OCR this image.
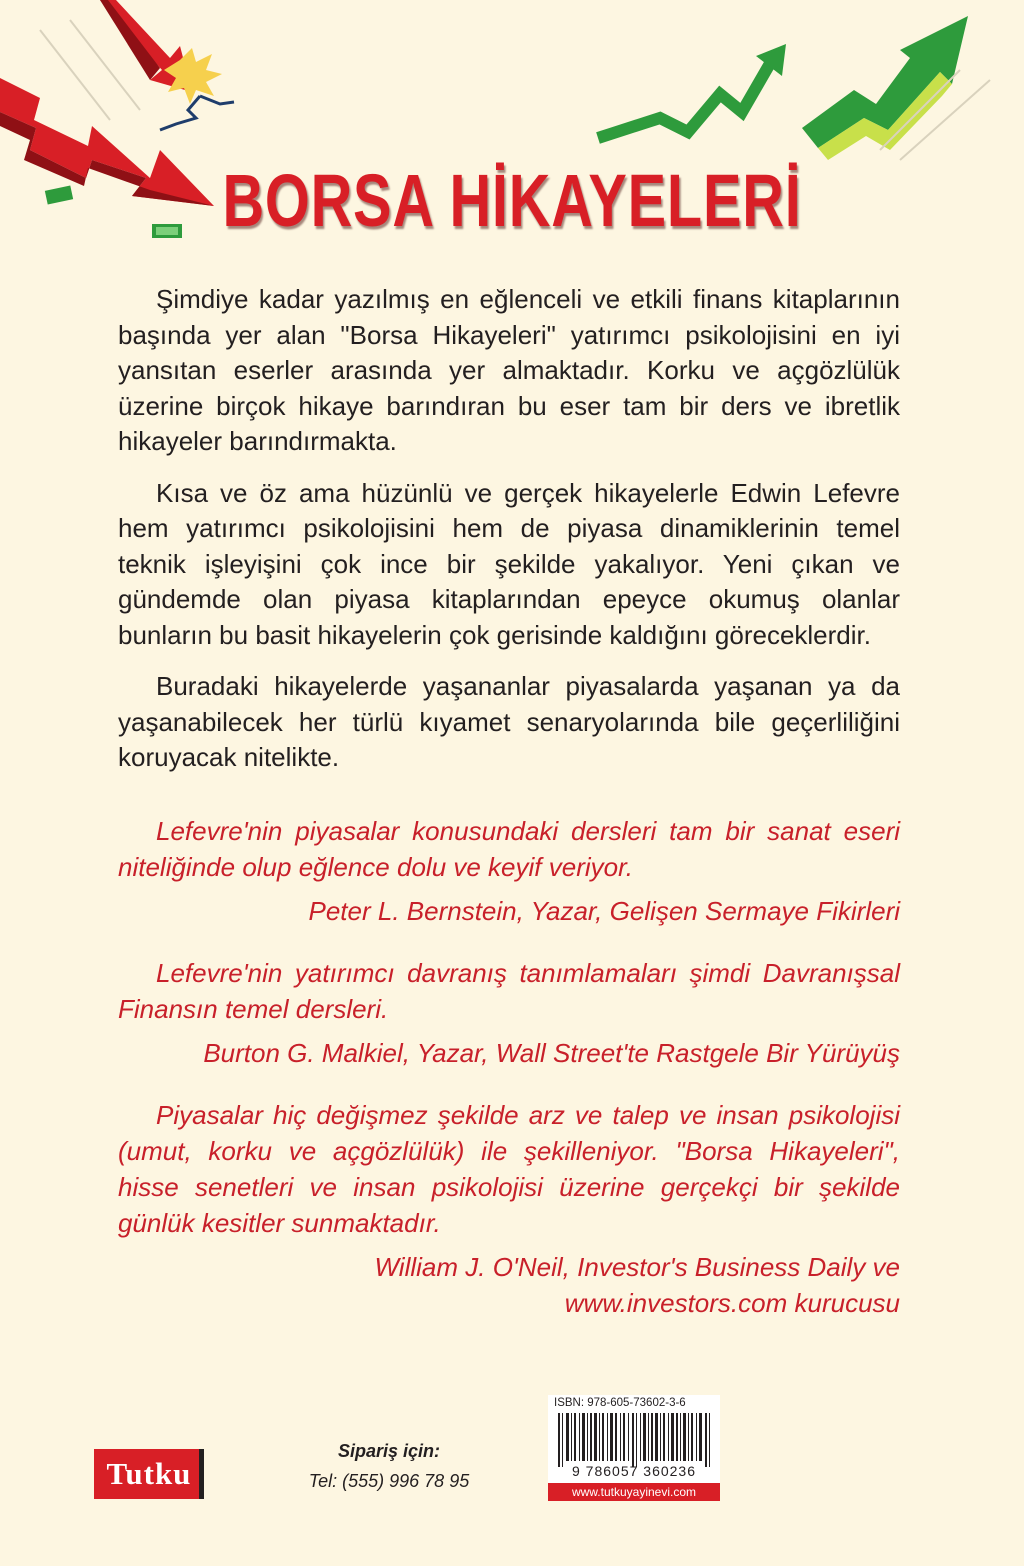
BORSA HİKAYELERİ

Şimdiye kadar yazılmış en eğlenceli ve etkili finans kitaplarının başında yer alan "Borsa Hikayeleri" yatırımcı psikolojisini en iyi yansıtan eserler arasında yer almaktadır. Korku ve açgözlülük üzerine birçok hikaye barındıran bu eser tam bir ders ve ibretlik hikayeler barındırmakta.

Kısa ve öz ama hüzünlü ve gerçek hikayelerle Edwin Lefevre hem yatırımcı psikolojisini hem de piyasa dinamiklerinin temel teknik işleyişini çok ince bir şekilde yakalıyor. Yeni çıkan ve gündemde olan piyasa kitaplarından epeyce okumuş olanlar bunların bu basit hikayelerin çok gerisinde kaldığını göreceklerdir.

Buradaki hikayelerde yaşananlar piyasalarda yaşanan ya da yaşanabilecek her türlü kıyamet senaryolarında bile geçerliliğini koruyacak nitelikte.

Lefevre'nin piyasalar konusundaki dersleri tam bir sanat eseri niteliğinde olup eğlence dolu ve keyif veriyor.

Peter L. Bernstein, Yazar, Gelişen Sermaye Fikirleri

Lefevre'nin yatırımcı davranış tanımlamaları şimdi Davranışsal Finansın temel dersleri.

Burton G. Malkiel, Yazar, Wall Street'te Rastgele Bir Yürüyüş

Piyasalar hiç değişmez şekilde arz ve talep ve insan psikolojisi (umut, korku ve açgözlülük) ile şekilleniyor. "Borsa Hikayeleri", hisse senetleri ve insan psikolojisi üzerine gerçekçi bir şekilde günlük kesitler sunmaktadır.

William J. O'Neil, Investor's Business Daily ve www.investors.com kurucusu

Tutku
Sipariş için:
Tel: (555) 996 78 95
ISBN: 978-605-73602-3-6
9 786057 360236
www.tutkuyayinevi.com
